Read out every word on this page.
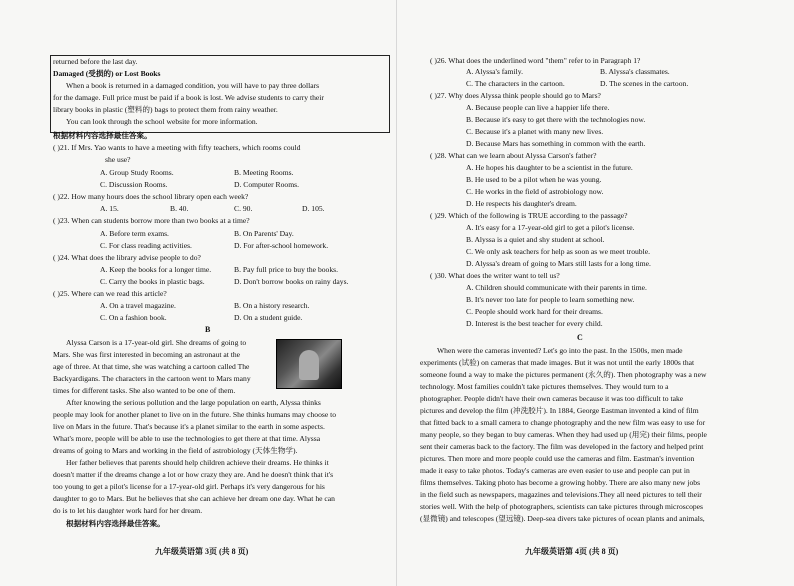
returned before the last day.
Damaged (受损的) or Lost Books
When a book is returned in a damaged condition, you will have to pay three dollars
for the damage. Full price must be paid if a book is lost. We advise students to carry their
library books in plastic (塑料的) bags to protect them from rainy weather.
You can look through the school website for more information.
根据材料内容选择最佳答案。
( )21. If Mrs. Yao wants to have a meeting with fifty teachers, which rooms could
she use?
A. Group Study Rooms.	B. Meeting Rooms.
C. Discussion Rooms.	D. Computer Rooms.
( )22. How many hours does the school library open each week?
A. 15.	B. 40.	C. 90.	D. 105.
( )23. When can students borrow more than two books at a time?
A. Before term exams.	B. On Parents' Day.
C. For class reading activities.	D. For after-school homework.
( )24. What does the library advise people to do?
A. Keep the books for a longer time.	B. Pay full price to buy the books.
C. Carry the books in plastic bags.	D. Don't borrow books on rainy days.
( )25. Where can we read this article?
A. On a travel magazine.	B. On a history research.
C. On a fashion book.	D. On a student guide.
B
Alyssa Carson is a 17-year-old girl. She dreams of going to
Mars. She was first interested in becoming an astronaut at the
age of three. At that time, she was watching a cartoon called The
Backyardigans. The characters in the cartoon went to Mars many
times for different tasks. She also wanted to be one of them.
After knowing the serious pollution and the large population on earth, Alyssa thinks
people may look for another planet to live on in the future. She thinks humans may choose to
live on Mars in the future. That's because it's a planet similar to the earth in some aspects.
What's more, people will be able to use the technologies to get there at that time. Alyssa
dreams of going to Mars and working in the field of astrobiology (天体生物学).
Her father believes that parents should help children achieve their dreams. He thinks it
doesn't matter if the dreams change a lot or how crazy they are. And he doesn't think that it's
too young to get a pilot's license for a 17-year-old girl. Perhaps it's very dangerous for his
daughter to go to Mars. But he believes that she can achieve her dream one day. What he can
do is to let his daughter work hard for her dream.
根据材料内容选择最佳答案。
九年级英语第 3页 (共 8 页)
( )26. What does the underlined word "them" refer to in Paragraph 1?
A. Alyssa's family.	B. Alyssa's classmates.
C. The characters in the cartoon.	D. The scenes in the cartoon.
( )27. Why does Alyssa think people should go to Mars?
A. Because people can live a happier life there.
B. Because it's easy to get there with the technologies now.
C. Because it's a planet with many new lives.
D. Because Mars has something in common with the earth.
( )28. What can we learn about Alyssa Carson's father?
A. He hopes his daughter to be a scientist in the future.
B. He used to be a pilot when he was young.
C. He works in the field of astrobiology now.
D. He respects his daughter's dream.
( )29. Which of the following is TRUE according to the passage?
A. It's easy for a 17-year-old girl to get a pilot's license.
B. Alyssa is a quiet and shy student at school.
C. We only ask teachers for help as soon as we meet trouble.
D. Alyssa's dream of going to Mars still lasts for a long time.
( )30. What does the writer want to tell us?
A. Children should communicate with their parents in time.
B. It's never too late for people to learn something new.
C. People should work hard for their dreams.
D. Interest is the best teacher for every child.
C
When were the cameras invented? Let's go into the past. In the 1500s, men made
experiments (试验) on cameras that made images. But it was not until the early 1800s that
someone found a way to make the pictures permanent (永久的). Then photography was a new
technology. Most families couldn't take pictures themselves. They would turn to a
photographer. People didn't have their own cameras because it was too difficult to take
pictures and develop the film (冲洗胶片). In 1884, George Eastman invented a kind of film
that fitted back to a small camera to change photography and the new film was easy to use for
many people, so they began to buy cameras. When they had used up (用完) their films, people
sent their cameras back to the factory. The film was developed in the factory and helped print
pictures. Then more and more people could use the cameras and film. Eastman's invention
made it easy to take photos. Today's cameras are even easier to use and people can put in
films themselves. Taking photo has become a growing hobby. There are also many new jobs
in the field such as newspapers, magazines and televisions.They all need pictures to tell their
stories well. With the help of photographers, scientists can take pictures through microscopes
(显微镜) and telescopes (望远镜). Deep-sea divers take pictures of ocean plants and animals,
九年级英语第 4页 (共 8 页)
